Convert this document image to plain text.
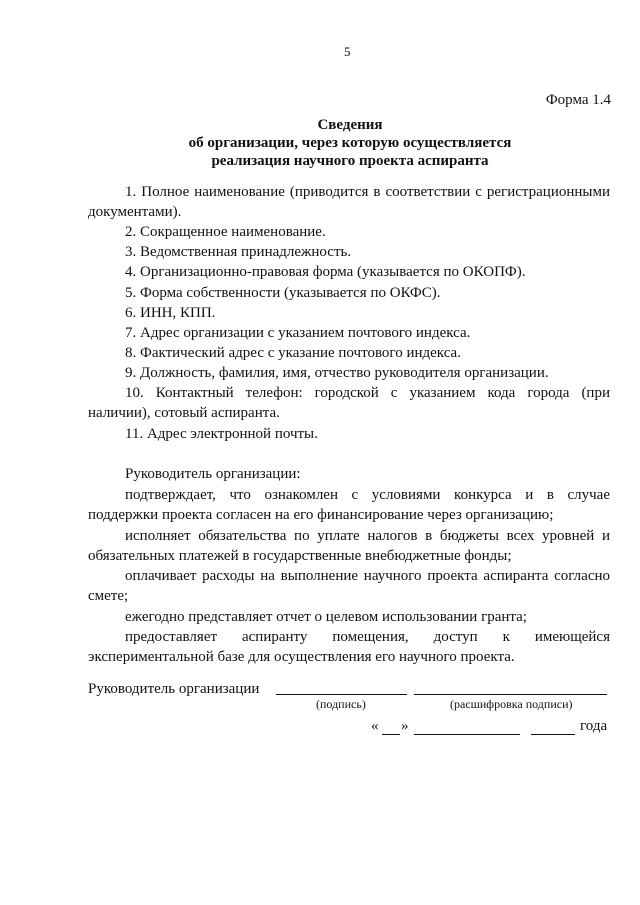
5
Форма 1.4
Сведения
об организации, через которую осуществляется
реализация научного проекта аспиранта
1. Полное наименование (приводится в соответствии с регистрационными
документами).
2. Сокращенное наименование.
3. Ведомственная принадлежность.
4. Организационно-правовая форма (указывается по ОКОПФ).
5. Форма собственности (указывается по ОКФС).
6. ИНН, КПП.
7. Адрес организации с указанием почтового индекса.
8. Фактический адрес с указание почтового индекса.
9. Должность, фамилия, имя, отчество руководителя организации.
10. Контактный телефон: городской с указанием кода города (при
наличии), сотовый аспиранта.
11. Адрес электронной почты.
Руководитель организации:
подтверждает, что ознакомлен с условиями конкурса и в случае
поддержки проекта согласен на его финансирование через организацию;
исполняет обязательства по уплате налогов в бюджеты всех уровней и
обязательных платежей в государственные внебюджетные фонды;
оплачивает расходы на выполнение научного проекта аспиранта согласно
смете;
ежегодно представляет отчет о целевом использовании гранта;
предоставляет аспиранту помещения, доступ к имеющейся
экспериментальной базе для осуществления его научного проекта.
Руководитель организации
(подпись)	(расшифровка подписи)
« »	года
